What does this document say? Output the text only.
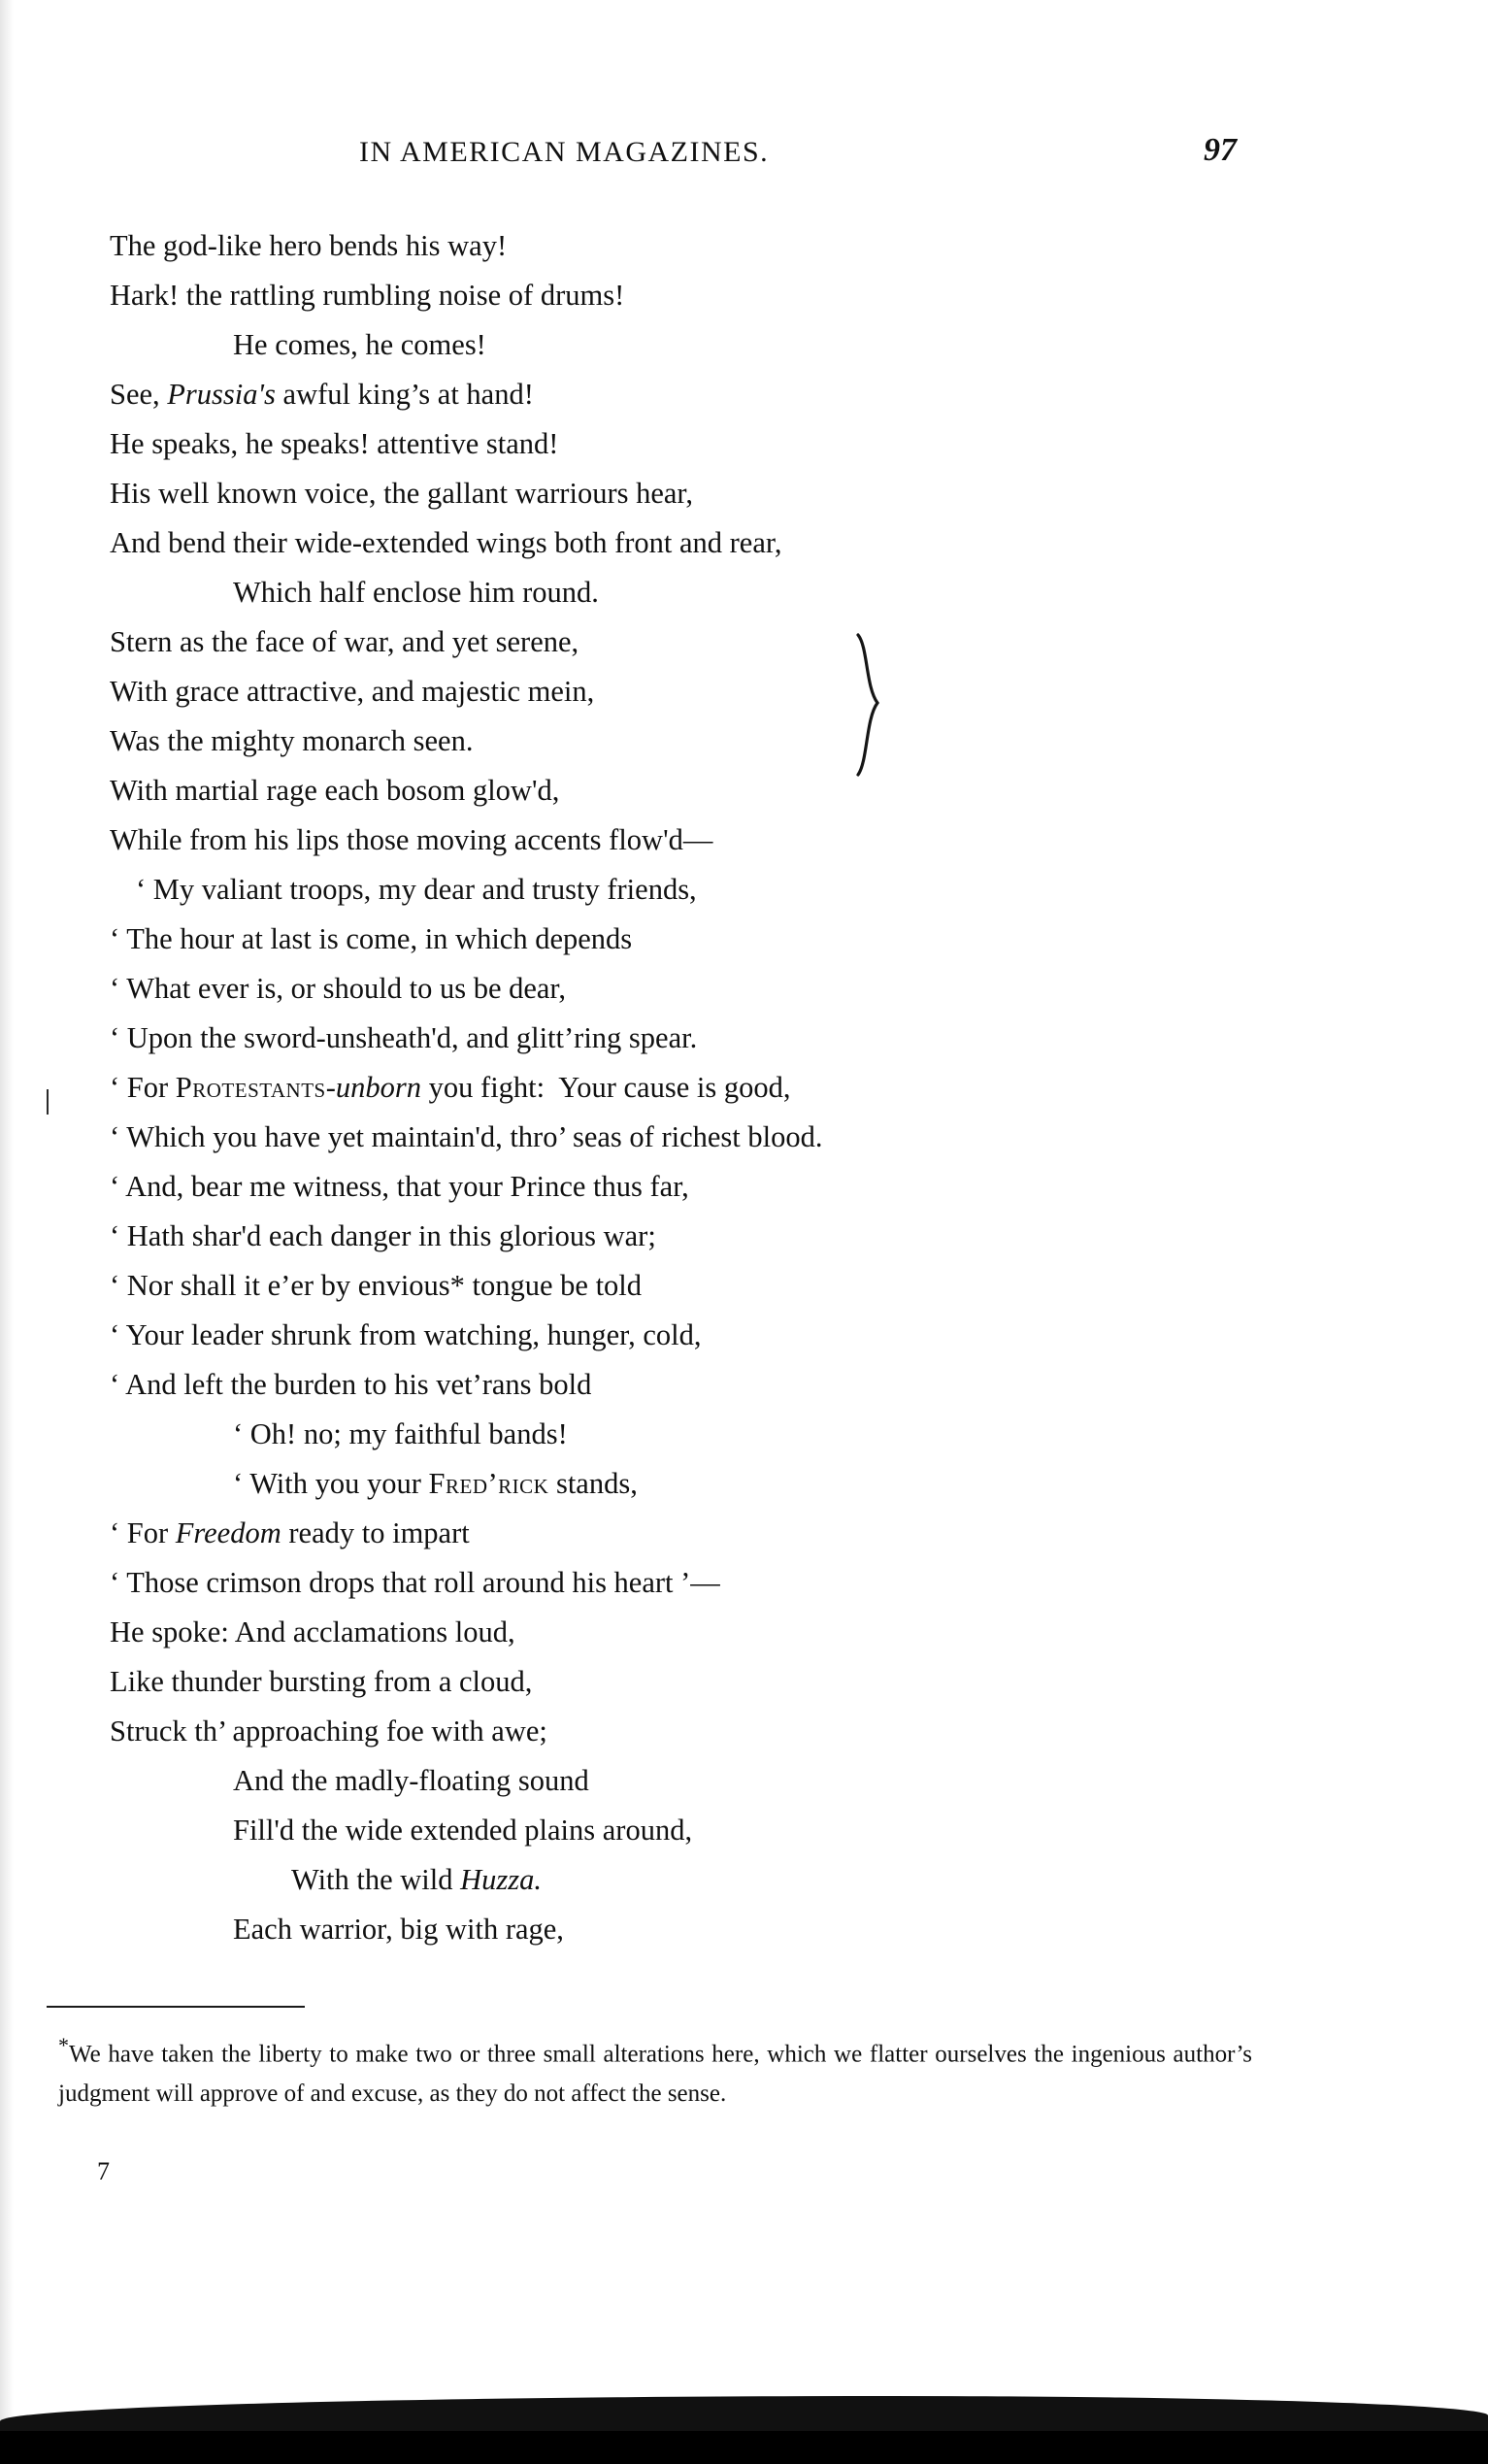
IN AMERICAN MAGAZINES.	97
The god-like hero bends his way!
Hark! the rattling rumbling noise of drums!
He comes, he comes!
See, Prussia's awful king’s at hand!
He speaks, he speaks! attentive stand!
His well known voice, the gallant warriours hear,
And bend their wide-extended wings both front and rear,
Which half enclose him round.
Stern as the face of war, and yet serene,
With grace attractive, and majestic mein,
Was the mighty monarch seen.
With martial rage each bosom glow'd,
While from his lips those moving accents flow'd—
‘ My valiant troops, my dear and trusty friends,
‘ The hour at last is come, in which depends
‘ What ever is, or should to us be dear,
‘ Upon the sword-unsheath'd, and glitt’ring spear.
‘ For Protestants-unborn you fight:  Your cause is good,
‘ Which you have yet maintain'd, thro’ seas of richest blood.
‘ And, bear me witness, that your Prince thus far,
‘ Hath shar'd each danger in this glorious war;
‘ Nor shall it e’er by envious* tongue be told
‘ Your leader shrunk from watching, hunger, cold,
‘ And left the burden to his vet’rans bold
‘ Oh! no; my faithful bands!
‘ With you your Fred’rick stands,
‘ For Freedom ready to impart
‘ Those crimson drops that roll around his heart ’—
He spoke: And acclamations loud,
Like thunder bursting from a cloud,
Struck th’ approaching foe with awe;
And the madly-floating sound
Fill'd the wide extended plains around,
With the wild Huzza.
Each warrior, big with rage,
*We have taken the liberty to make two or three small alterations here, which we flatter ourselves the ingenious author’s judgment will approve of and excuse, as they do not affect the sense.
7
